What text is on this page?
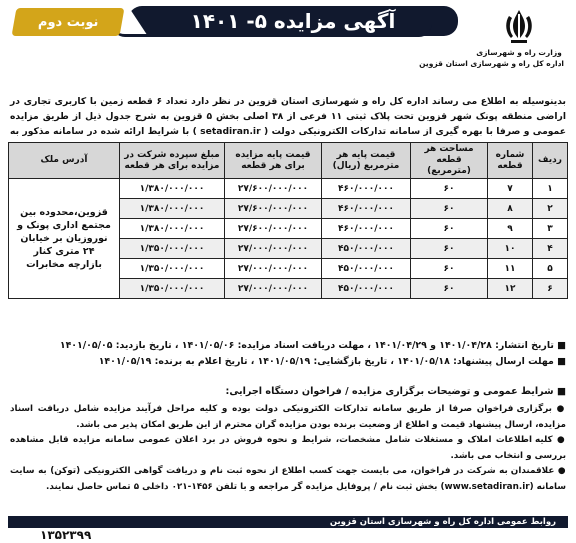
وزارت راه و شهرسازی
اداره کل راه و شهرسازی استان قزوین
آگهی مزایده ۵- ۱۴۰۱
نوبت دوم
بدینوسیله به اطلاع می رساند اداره کل راه و شهرسازی استان قزوین در نظر دارد تعداد ۶ قطعه زمین با کاربری تجاری در اراضی منطقه پونک شهر قزوین تحت پلاک ثبتی ۱۱ فرعی از ۳۸ اصلی بخش ۵ قزوین به شرح جدول ذیل از طریق مزایده عمومی و صرفا با بهره گیری از سامانه تدارکات الکترونیکی دولت ( setadiran.ir ) با شرایط ارائه شده در سامانه مذکور به
ردیف	شماره قطعه	مساحت هر قطعه (مترمربع)	قیمت پایه هر مترمربع (ریال)	قیمت پایه مزایده برای هر قطعه	مبلغ سپرده شرکت در مزایده برای هر قطعه	آدرس ملک
۱	۷	۶۰	۴۶۰/۰۰۰/۰۰۰	۲۷/۶۰۰/۰۰۰/۰۰۰	۱/۳۸۰/۰۰۰/۰۰۰	قزوین،محدوده بین مجتمع اداری پونک و نوروزیان بر خیابان ۲۴ متری کنار بازارچه مخابرات
۲	۸	۶۰	۴۶۰/۰۰۰/۰۰۰	۲۷/۶۰۰/۰۰۰/۰۰۰	۱/۳۸۰/۰۰۰/۰۰۰	
۳	۹	۶۰	۴۶۰/۰۰۰/۰۰۰	۲۷/۶۰۰/۰۰۰/۰۰۰	۱/۳۸۰/۰۰۰/۰۰۰	
۴	۱۰	۶۰	۴۵۰/۰۰۰/۰۰۰	۲۷/۰۰۰/۰۰۰/۰۰۰	۱/۳۵۰/۰۰۰/۰۰۰	
۵	۱۱	۶۰	۴۵۰/۰۰۰/۰۰۰	۲۷/۰۰۰/۰۰۰/۰۰۰	۱/۳۵۰/۰۰۰/۰۰۰	
۶	۱۲	۶۰	۴۵۰/۰۰۰/۰۰۰	۲۷/۰۰۰/۰۰۰/۰۰۰	۱/۳۵۰/۰۰۰/۰۰۰	
■ تاریخ انتشار: ۱۴۰۱/۰۴/۲۸ و ۱۴۰۱/۰۴/۲۹ ، مهلت دریافت اسناد مزایده: ۱۴۰۱/۰۵/۰۶ ، تاریخ بازدید: ۱۴۰۱/۰۵/۰۵
■ مهلت ارسال پیشنهاد: ۱۴۰۱/۰۵/۱۸ ، تاریخ بازگشایی: ۱۴۰۱/۰۵/۱۹ ، تاریخ اعلام به برنده: ۱۴۰۱/۰۵/۱۹
■ شرایط عمومی و توضیحات برگزاری مزایده / فراخوان دستگاه اجرایی:

● برگزاری فراخوان صرفا از طریق سامانه تدارکات الکترونیکی دولت بوده و کلیه مراحل فرآیند مزایده شامل دریافت اسناد مزایده، ارسال پیشنهاد قیمت و اطلاع از وضعیت برنده بودن مزایده گران محترم از این طریق امکان پذیر می باشد.

● کلیه اطلاعات املاک و مستغلات شامل مشخصات، شرایط و نحوه فروش در برد اعلان عمومی سامانه مزایده قابل مشاهده بررسی و انتخاب می باشد.

● علاقمندان به شرکت در فراخوان، می بایست جهت کسب اطلاع از نحوه ثبت نام و دریافت گواهی الکترونیکی (توکن) به سایت سامانه (www.setadiran.ir) بخش ثبت نام / پروفایل مزایده گر مراجعه و با تلفن ۱۴۵۶-۰۲۱ داخلی ۵ تماس حاصل نمایند.

روابط عمومی اداره کل راه و شهرسازی استان قزوین
۱۳۵۲۳۹۹
